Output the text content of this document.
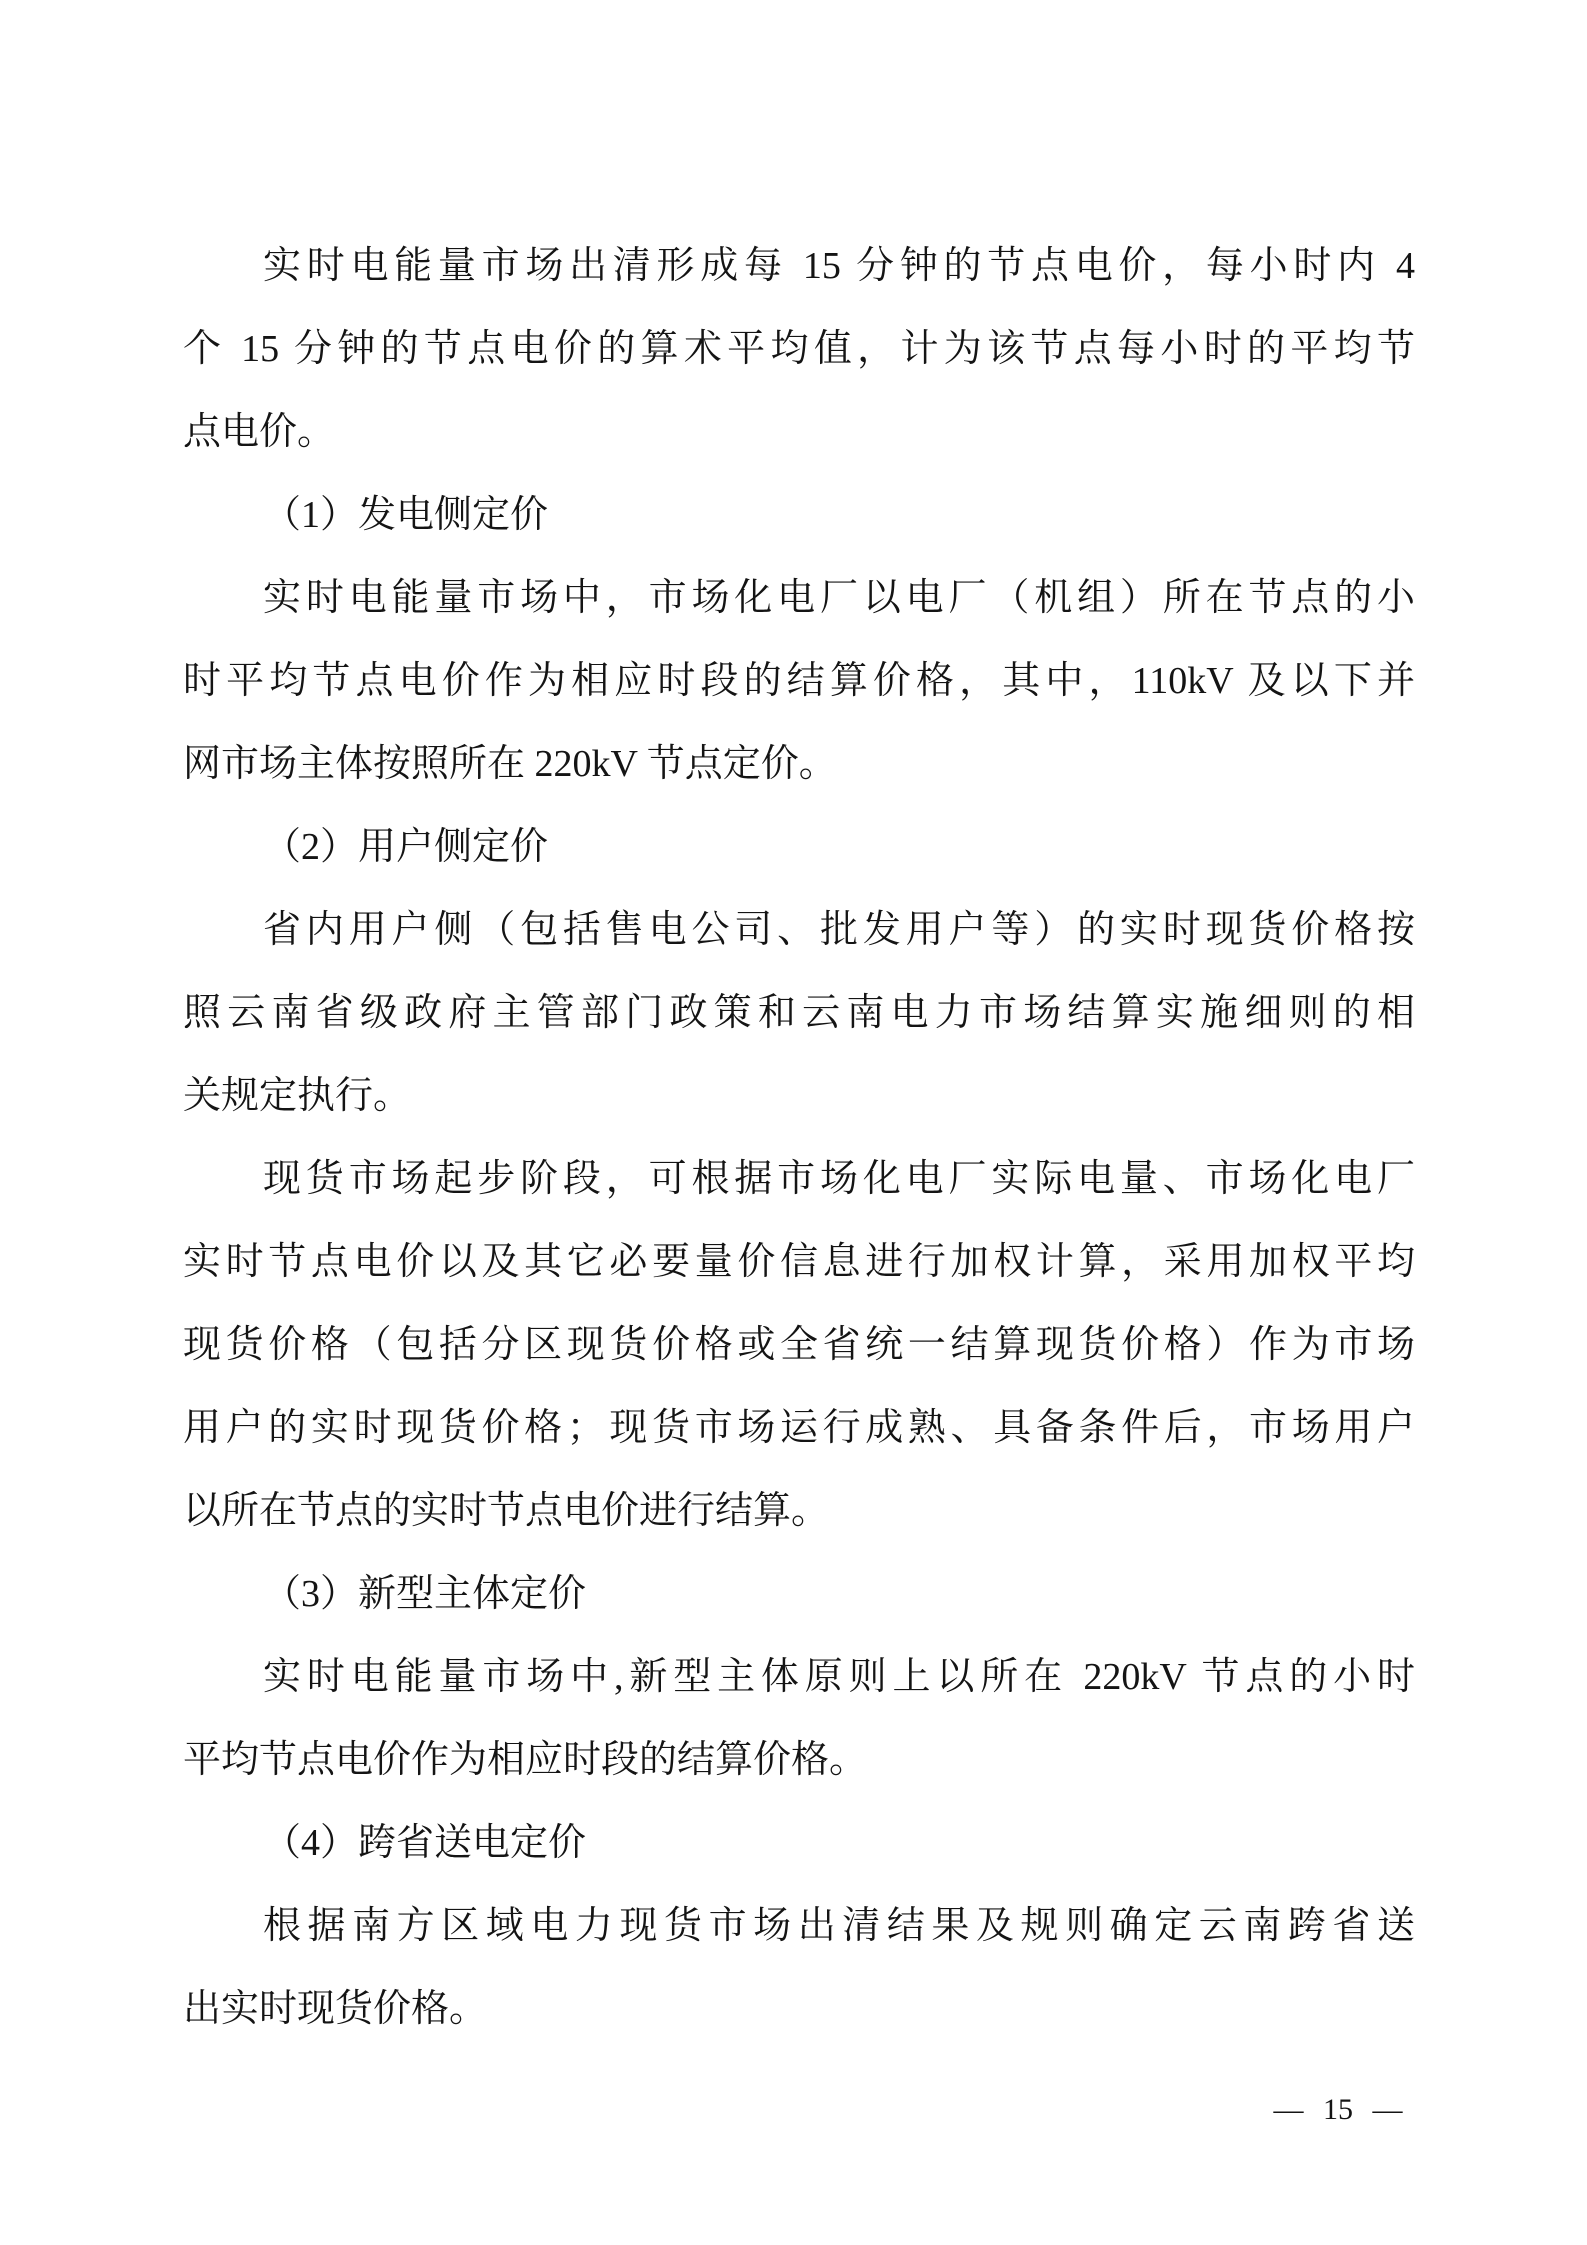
实时电能量市场出清形成每 15 分钟的节点电价，每小时内 4
个 15 分钟的节点电价的算术平均值，计为该节点每小时的平均节
点电价。
（1）发电侧定价
实时电能量市场中，市场化电厂以电厂（机组）所在节点的小
时平均节点电价作为相应时段的结算价格，其中，110kV 及以下并
网市场主体按照所在 220kV 节点定价。
（2）用户侧定价
省内用户侧（包括售电公司、批发用户等）的实时现货价格按
照云南省级政府主管部门政策和云南电力市场结算实施细则的相
关规定执行。
现货市场起步阶段，可根据市场化电厂实际电量、市场化电厂
实时节点电价以及其它必要量价信息进行加权计算，采用加权平均
现货价格（包括分区现货价格或全省统一结算现货价格）作为市场
用户的实时现货价格；现货市场运行成熟、具备条件后，市场用户
以所在节点的实时节点电价进行结算。
（3）新型主体定价
实时电能量市场中,新型主体原则上以所在 220kV 节点的小时
平均节点电价作为相应时段的结算价格。
（4）跨省送电定价
根据南方区域电力现货市场出清结果及规则确定云南跨省送
出实时现货价格。
— 15 —
